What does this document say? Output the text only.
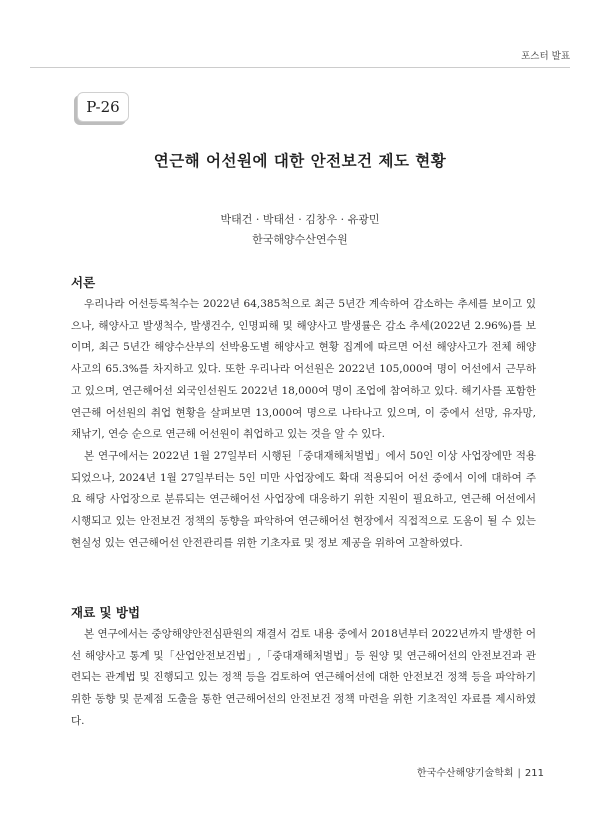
포스터 발표
P-26
연근해 어선원에 대한 안전보건 제도 현황
박태건 · 박태선 · 김창우 · 유광민
한국해양수산연수원
서론

우리나라 어선등록척수는 2022년 64,385척으로 최근 5년간 계속하여 감소하는 추세를 보이고 있으나, 해양사고 발생척수, 발생건수, 인명피해 및 해양사고 발생률은 감소 추세(2022년 2.96%)를 보이며, 최근 5년간 해양수산부의 선박용도별 해양사고 현황 집계에 따르면 어선 해양사고가 전체 해양사고의 65.3%를 차지하고 있다. 또한 우리나라 어선원은 2022년 105,000여 명이 어선에서 근무하고 있으며, 연근해어선 외국인선원도 2022년 18,000여 명이 조업에 참여하고 있다. 해기사를 포함한 연근해 어선원의 취업 현황을 살펴보면 13,000여 명으로 나타나고 있으며, 이 중에서 선망, 유자망, 채낚기, 연승 순으로 연근해 어선원이 취업하고 있는 것을 알 수 있다.

본 연구에서는 2022년 1월 27일부터 시행된「중대재해처벌법」에서 50인 이상 사업장에만 적용되었으나, 2024년 1월 27일부터는 5인 미만 사업장에도 확대 적용되어 어선 중에서 이에 대하여 주요 해당 사업장으로 분류되는 연근해어선 사업장에 대응하기 위한 지원이 필요하고, 연근해 어선에서 시행되고 있는 안전보건 정책의 동향을 파악하여 연근해어선 현장에서 직접적으로 도움이 될 수 있는 현실성 있는 연근해어선 안전관리를 위한 기초자료 및 정보 제공을 위하여 고찰하였다.

재료 및 방법

본 연구에서는 중앙해양안전심판원의 재결서 검토 내용 중에서 2018년부터 2022년까지 발생한 어선 해양사고 통계 및「산업안전보건법」,「중대재해처벌법」등 원양 및 연근해어선의 안전보건과 관련되는 관계법 및 진행되고 있는 정책 등을 검토하여 연근해어선에 대한 안전보건 정책 등을 파악하기 위한 동향 및 문제점 도출을 통한 연근해어선의 안전보건 정책 마련을 위한 기초적인 자료를 제시하였다.

한국수산해양기술학회 | 211
